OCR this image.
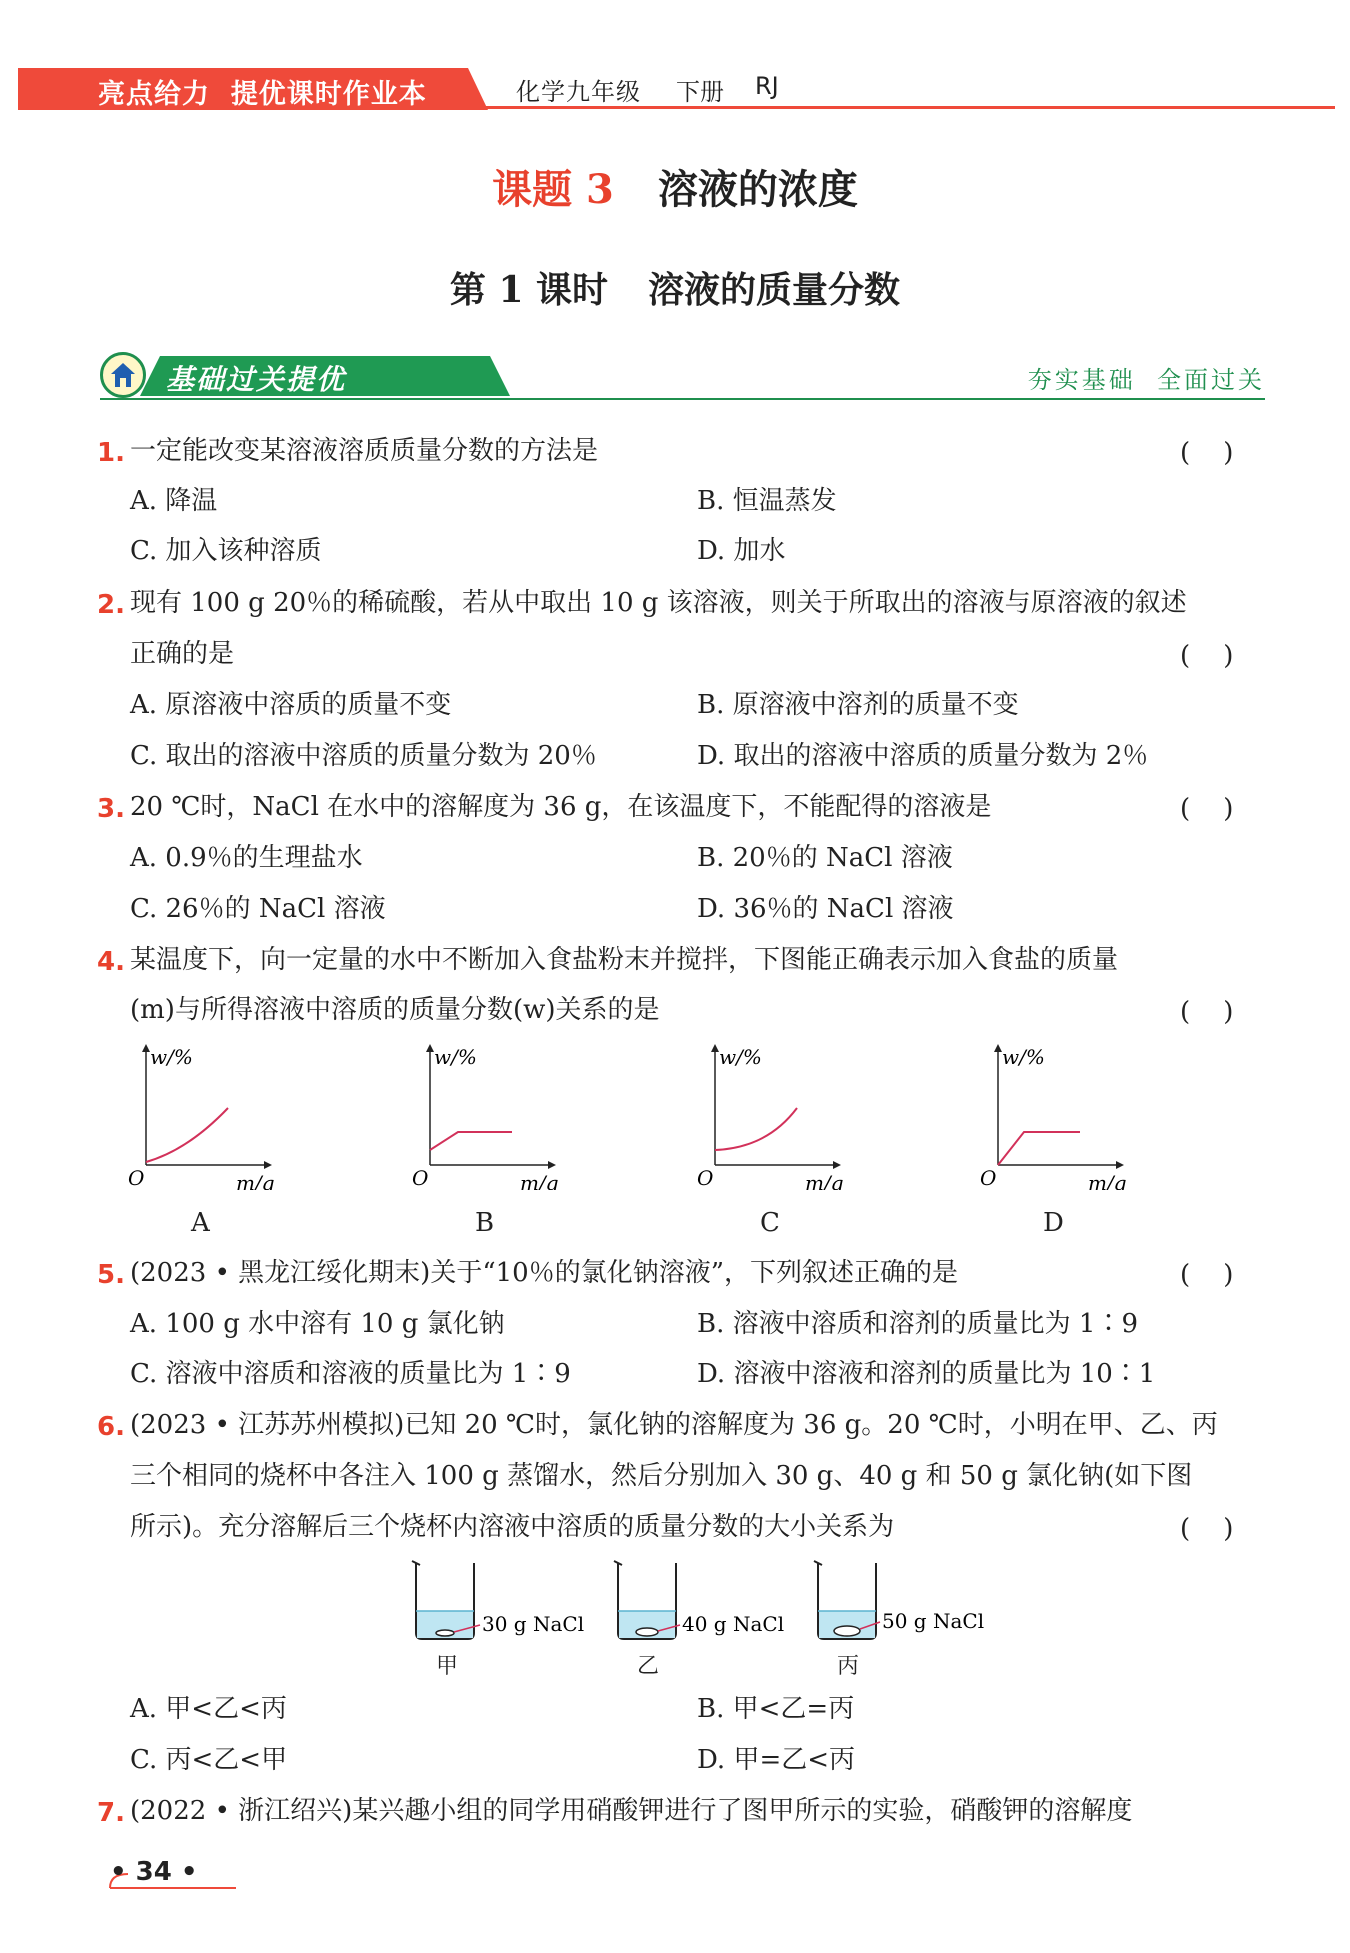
亮点给力  提优课时作业本	化学九年级 下册 RJ
课题 3 溶液的浓度
第 1 课时 溶液的质量分数
基础过关提优	夯实基础  全面过关
1. 一定能改变某溶液溶质质量分数的方法是	(    )
A. 降温	B. 恒温蒸发
C. 加入该种溶质	D. 加水
2. 现有 100 g 20％的稀硫酸，若从中取出 10 g 该溶液，则关于所取出的溶液与原溶液的叙述
正确的是	(    )
A. 原溶液中溶质的质量不变	B. 原溶液中溶剂的质量不变
C. 取出的溶液中溶质的质量分数为 20％	D. 取出的溶液中溶质的质量分数为 2％
3. 20 ℃时，NaCl 在水中的溶解度为 36 g，在该温度下，不能配得的溶液是	(    )
A. 0.9％的生理盐水	B. 20％的 NaCl 溶液
C. 26％的 NaCl 溶液	D. 36％的 NaCl 溶液
4. 某温度下，向一定量的水中不断加入食盐粉末并搅拌，下图能正确表示加入食盐的质量
(m)与所得溶液中溶质的质量分数(w)关系的是	(    )
w/%
O	m/g
A
w/%
O	m/g
B
w/%
O	m/g
C
w/%
O	m/g
D
5. (2023 • 黑龙江绥化期末)关于“10％的氯化钠溶液”，下列叙述正确的是	(    )
A. 100 g 水中溶有 10 g 氯化钠	B. 溶液中溶质和溶剂的质量比为 1∶9
C. 溶液中溶质和溶液的质量比为 1∶9	D. 溶液中溶液和溶剂的质量比为 10∶1
6. (2023 • 江苏苏州模拟)已知 20 ℃时，氯化钠的溶解度为 36 g。20 ℃时，小明在甲、乙、丙
三个相同的烧杯中各注入 100 g 蒸馏水，然后分别加入 30 g、40 g 和 50 g 氯化钠(如下图
所示)。充分溶解后三个烧杯内溶液中溶质的质量分数的大小关系为	(    )
30 g NaCl	40 g NaCl	50 g NaCl
甲	乙	丙
A. 甲<乙<丙	B. 甲<乙=丙
C. 丙<乙<甲	D. 甲=乙<丙
7. (2022 • 浙江绍兴)某兴趣小组的同学用硝酸钾进行了图甲所示的实验，硝酸钾的溶解度
• 34 •
